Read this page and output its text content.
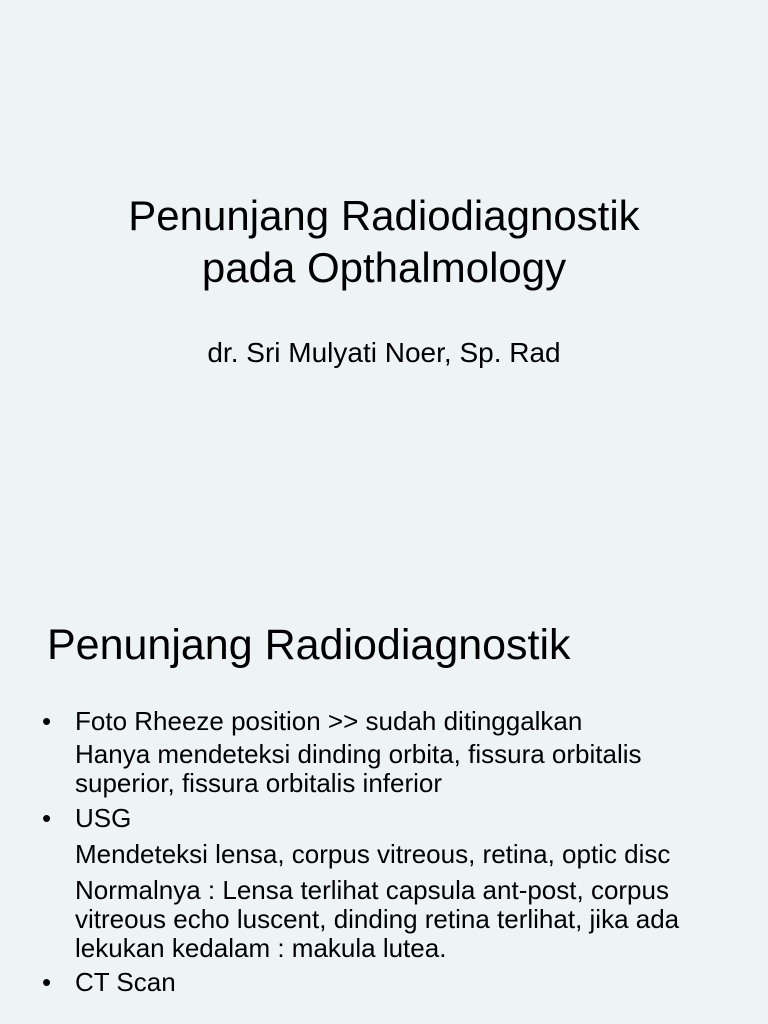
Penunjang Radiodiagnostik
pada Opthalmology
dr. Sri Mulyati Noer, Sp. Rad
Penunjang Radiodiagnostik
• Foto Rheeze position >> sudah ditinggalkan
Hanya mendeteksi dinding orbita, fissura orbitalis superior, fissura orbitalis inferior
• USG
Mendeteksi lensa, corpus vitreous, retina, optic disc
Normalnya : Lensa terlihat capsula ant-post, corpus vitreous echo luscent, dinding retina terlihat, jika ada lekukan kedalam : makula lutea.
• CT Scan
